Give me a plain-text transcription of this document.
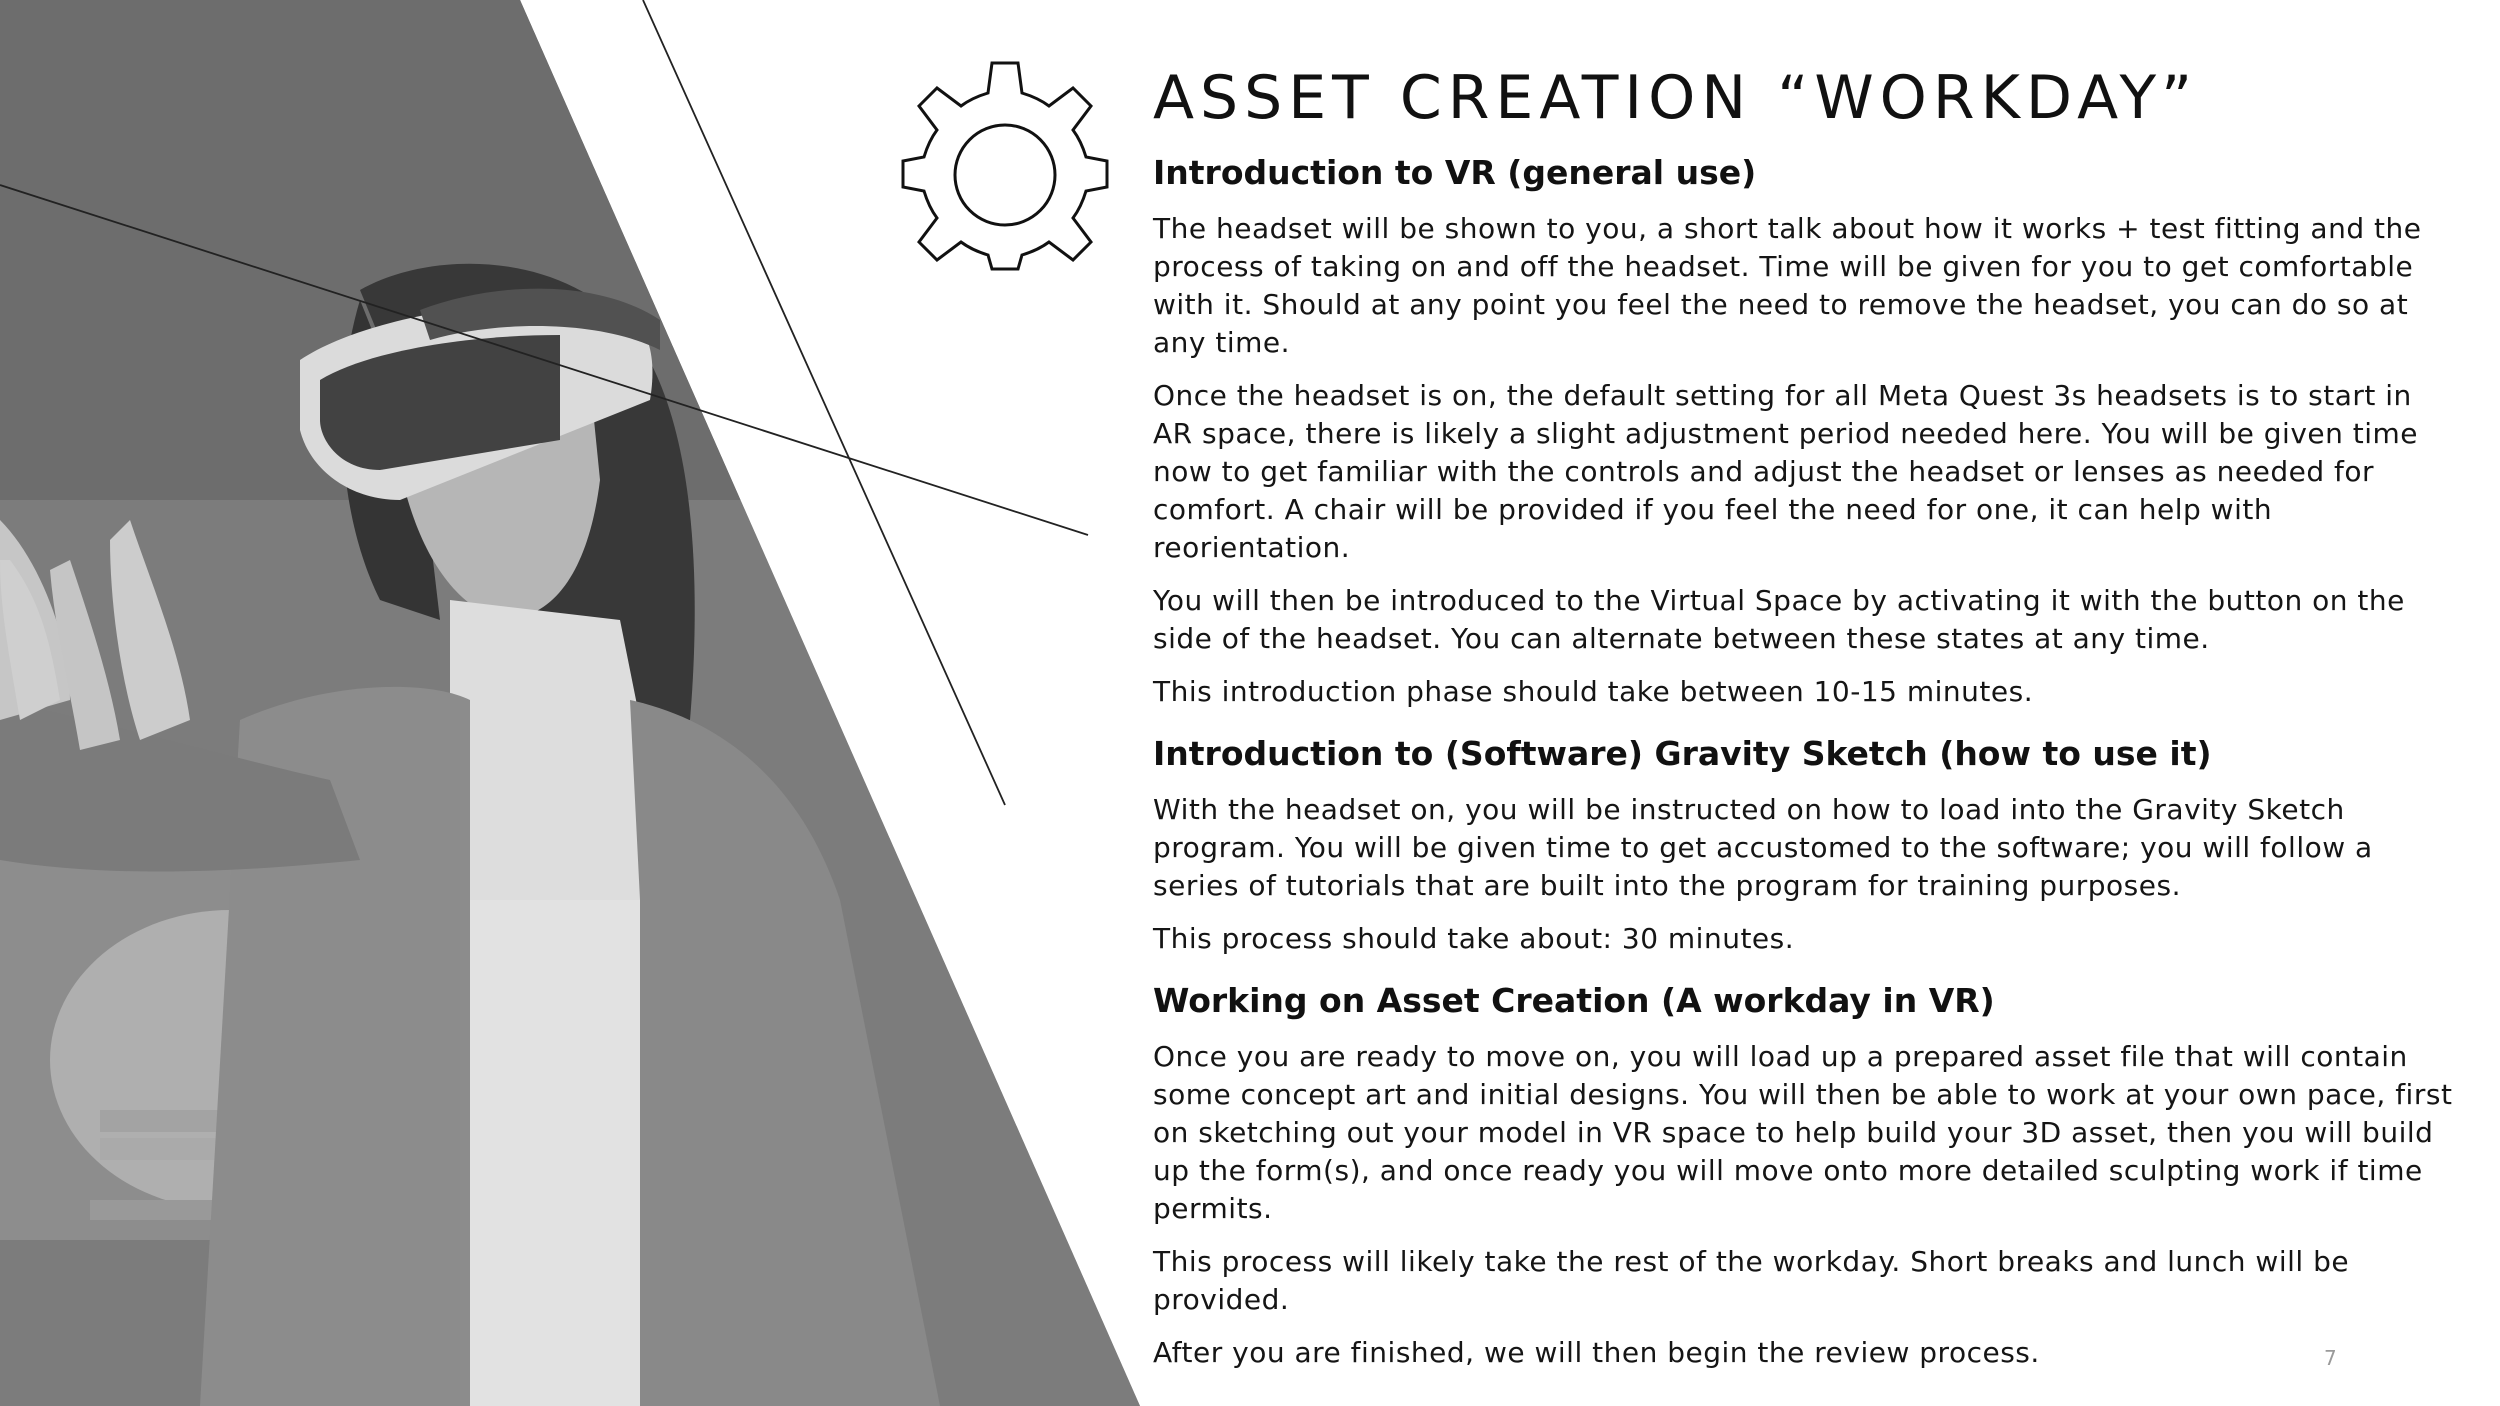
ASSET CREATION “WORKDAY”
Introduction to VR (general use)

The headset will be shown to you, a short talk about how it works + test fitting and the process of taking on and off the headset. Time will be given for you to get comfortable with it. Should at any point you feel the need to remove the headset, you can do so at any time.

Once the headset is on, the default setting for all Meta Quest 3s headsets is to start in AR space, there is likely a slight adjustment period needed here. You will be given time now to get familiar with the controls and adjust the headset or lenses as needed for comfort. A chair will be provided if you feel the need for one, it can help with reorientation.

You will then be introduced to the Virtual Space by activating it with the button on the side of the headset. You can alternate between these states at any time.

This introduction phase should take between 10-15 minutes.

Introduction to (Software) Gravity Sketch (how to use it)

With the headset on, you will be instructed on how to load into the Gravity Sketch program. You will be given time to get accustomed to the software; you will follow a series of tutorials that are built into the program for training purposes.

This process should take about: 30 minutes.

Working on Asset Creation (A workday in VR)

Once you are ready to move on, you will load up a prepared asset file that will contain some concept art and initial designs. You will then be able to work at your own pace, first on sketching out your model in VR space to help build your 3D asset, then you will build up the form(s), and once ready you will move onto more detailed sculpting work if time permits.

This process will likely take the rest of the workday. Short breaks and lunch will be provided.

After you are finished, we will then begin the review process.	7
